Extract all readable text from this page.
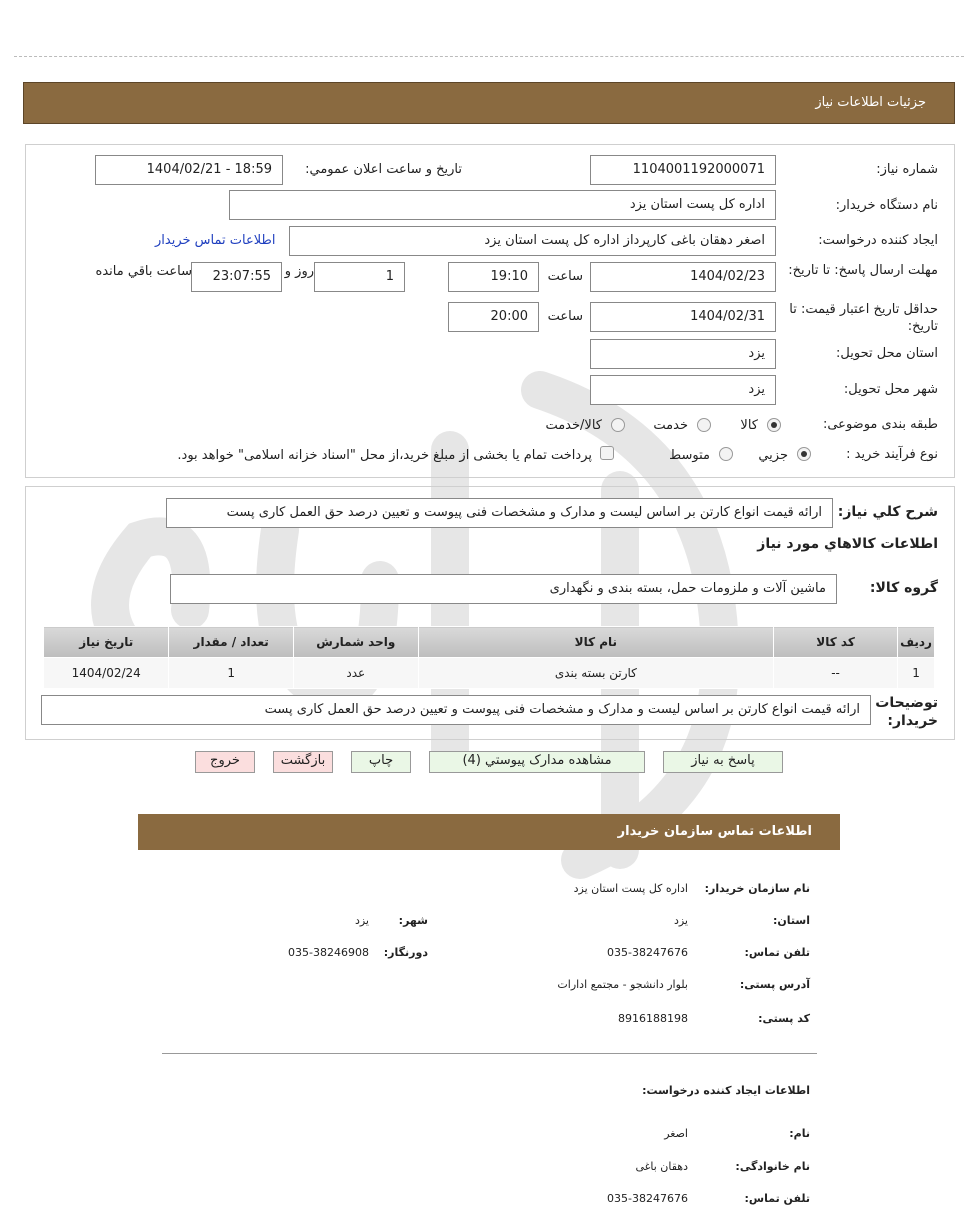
جزئیات اطلاعات نیاز
شماره نیاز:
1104001192000071
تاریخ و ساعت اعلان عمومي:
1404/02/21 - 18:59
نام دستگاه خریدار:
اداره کل پست استان یزد
ایجاد کننده درخواست:
اصغر دهقان باغی کارپرداز اداره کل پست استان یزد
اطلاعات تماس خریدار
مهلت ارسال پاسخ: تا تاریخ:
1404/02/23
ساعت
19:10
1
روز و
23:07:55
ساعت باقي مانده
حداقل تاریخ اعتبار قیمت: تا تاریخ:
1404/02/31
ساعت
20:00
استان محل تحویل:
یزد
شهر محل تحویل:
یزد
طبقه بندی موضوعی:
کالا
خدمت
کالا/خدمت
نوع فرآیند خرید :
جزیي
متوسط
پرداخت تمام یا بخشی از مبلغ خرید،از محل "اسناد خزانه اسلامی" خواهد بود.
شرح كلي نياز:
ارائه قیمت انواع کارتن بر اساس لیست و مدارک و مشخصات فنی پیوست و تعیین درصد حق العمل کاری پست
اطلاعات كالاهاي مورد نياز
گروه كالا:
ماشین آلات و ملزومات حمل، بسته بندی و نگهداری
رديف	کد کالا	نام کالا	واحد شمارش	تعداد / مقدار	تاریخ نیاز
1	--	کارتن بسته بندی	عدد	1	1404/02/24
توضیحات خریدار:
ارائه قیمت انواع کارتن بر اساس لیست و مدارک و مشخصات فنی پیوست و تعیین درصد حق العمل کاری پست
پاسخ به نیاز
مشاهده مدارک پیوستي (4)
چاپ
بازگشت
خروج
اطلاعات تماس سازمان خریدار
نام سازمان خریدار:
اداره کل پست استان یزد
استان:
یزد
شهر:
یزد
تلفن تماس:
035-38247676
دورنگار:
035-38246908
آدرس پستی:
بلوار دانشجو - مجتمع ادارات
کد پستی:
8916188198
اطلاعات ایجاد کننده درخواست:
نام:
اصغر
نام خانوادگی:
دهقان باغی
تلفن تماس:
035-38247676
